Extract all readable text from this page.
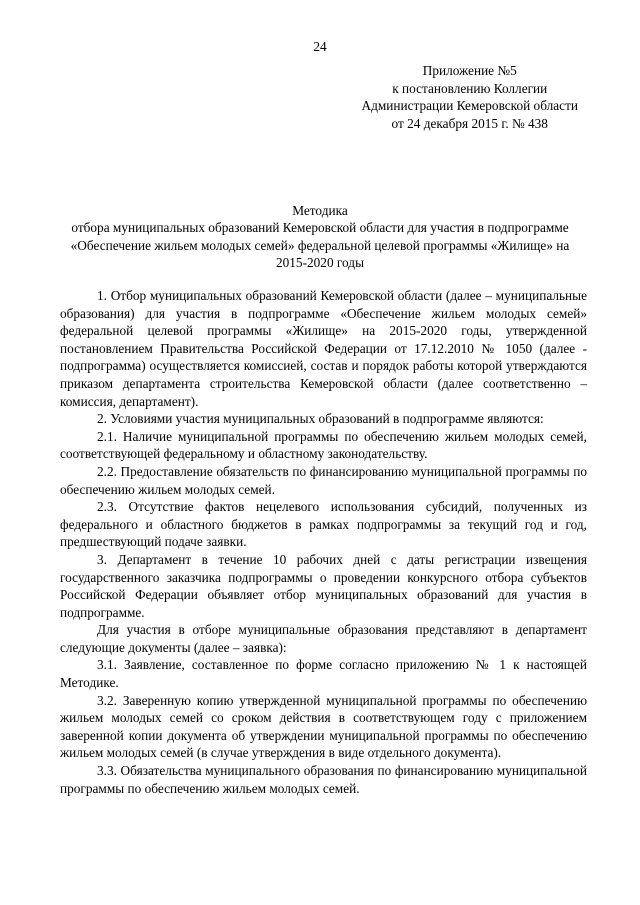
24
Приложение №5
к постановлению Коллегии
Администрации Кемеровской области
от 24 декабря 2015 г. № 438
Методика
отбора муниципальных образований Кемеровской области для участия в подпрограмме «Обеспечение жильем молодых семей» федеральной целевой программы «Жилище» на 2015-2020 годы

1. Отбор муниципальных образований Кемеровской области (далее – муниципальные образования) для участия в подпрограмме «Обеспечение жильем молодых семей» федеральной целевой программы «Жилище» на 2015-2020 годы, утвержденной постановлением Правительства Российской Федерации от 17.12.2010 № 1050 (далее - подпрограмма) осуществляется комиссией, состав и порядок работы которой утверждаются приказом департамента строительства Кемеровской области (далее соответственно – комиссия, департамент).

2. Условиями участия муниципальных образований в подпрограмме являются:

2.1. Наличие муниципальной программы по обеспечению жильем молодых семей, соответствующей федеральному и областному законодательству.

2.2. Предоставление обязательств по финансированию муниципальной программы по обеспечению жильем молодых семей.

2.3. Отсутствие фактов нецелевого использования субсидий, полученных из федерального и областного бюджетов в рамках подпрограммы за текущий год и год, предшествующий подаче заявки.

3. Департамент в течение 10 рабочих дней с даты регистрации извещения государственного заказчика подпрограммы о проведении конкурсного отбора субъектов Российской Федерации объявляет отбор муниципальных образований для участия в подпрограмме.

Для участия в отборе муниципальные образования представляют в департамент следующие документы (далее – заявка):

3.1. Заявление, составленное по форме согласно приложению № 1 к настоящей Методике.

3.2. Заверенную копию утвержденной муниципальной программы по обеспечению жильем молодых семей со сроком действия в соответствующем году с приложением заверенной копии документа об утверждении муниципальной программы по обеспечению жильем молодых семей (в случае утверждения в виде отдельного документа).

3.3. Обязательства муниципального образования по финансированию муниципальной программы по обеспечению жильем молодых семей.
